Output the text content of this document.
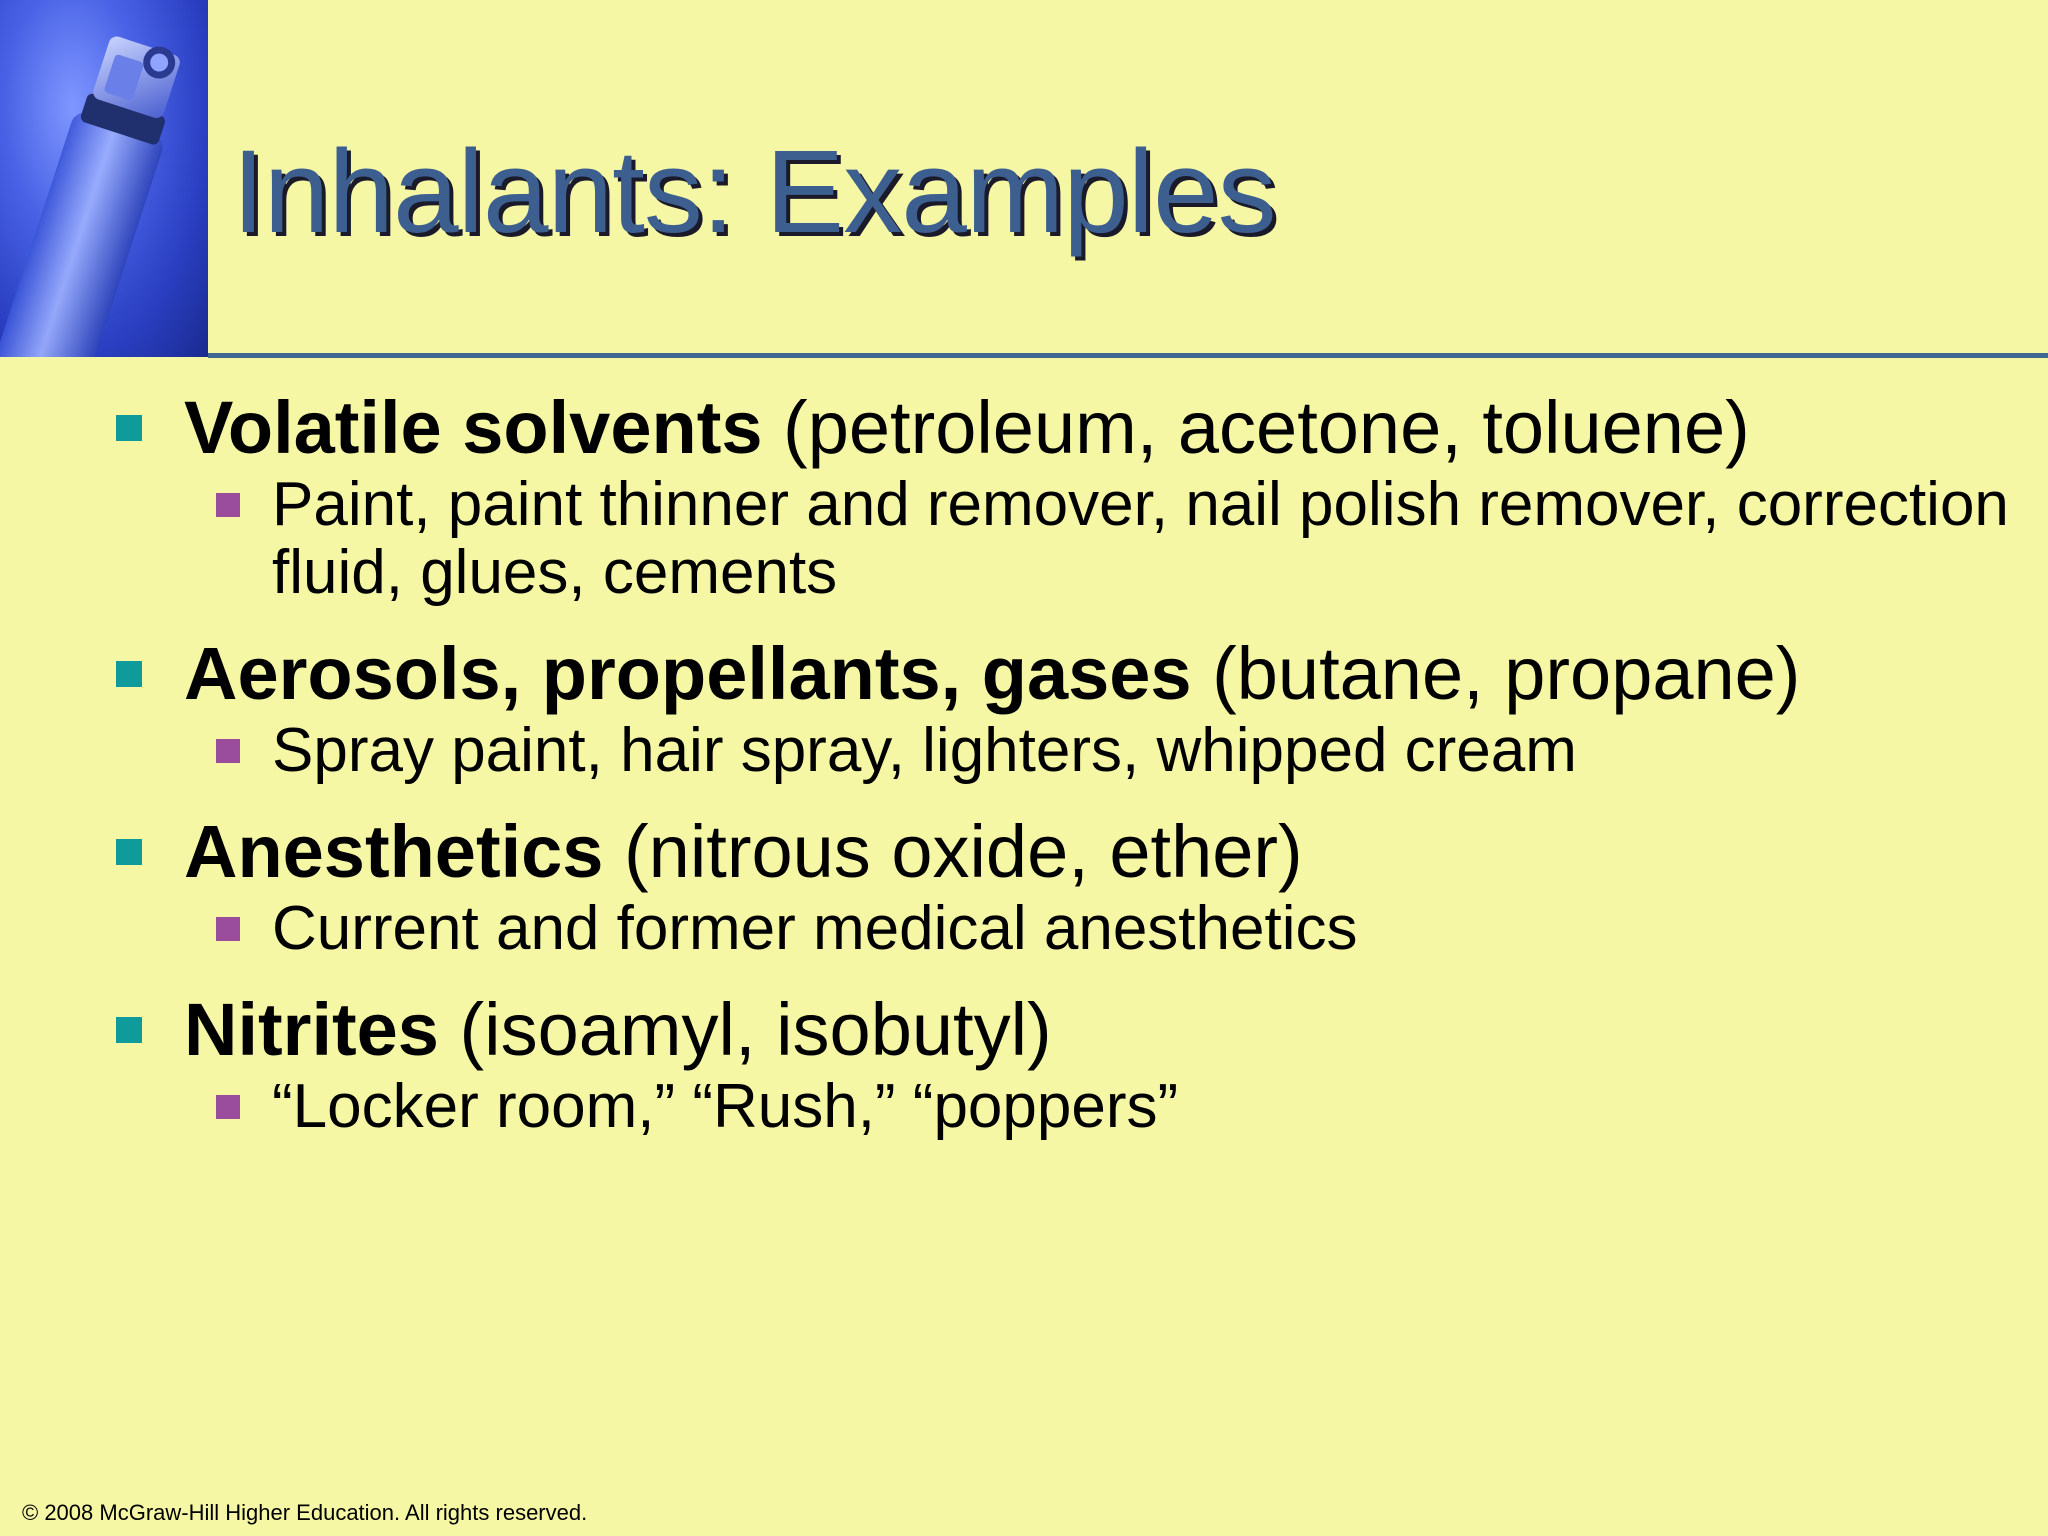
Inhalants: Examples
Volatile solvents (petroleum, acetone, toluene)
Paint, paint thinner and remover, nail polish remover, correction fluid, glues, cements
Aerosols, propellants, gases (butane, propane)
Spray paint, hair spray, lighters, whipped cream
Anesthetics (nitrous oxide, ether)
Current and former medical anesthetics
Nitrites (isoamyl, isobutyl)
“Locker room,” “Rush,” “poppers”
© 2008 McGraw-Hill Higher Education. All rights reserved.
